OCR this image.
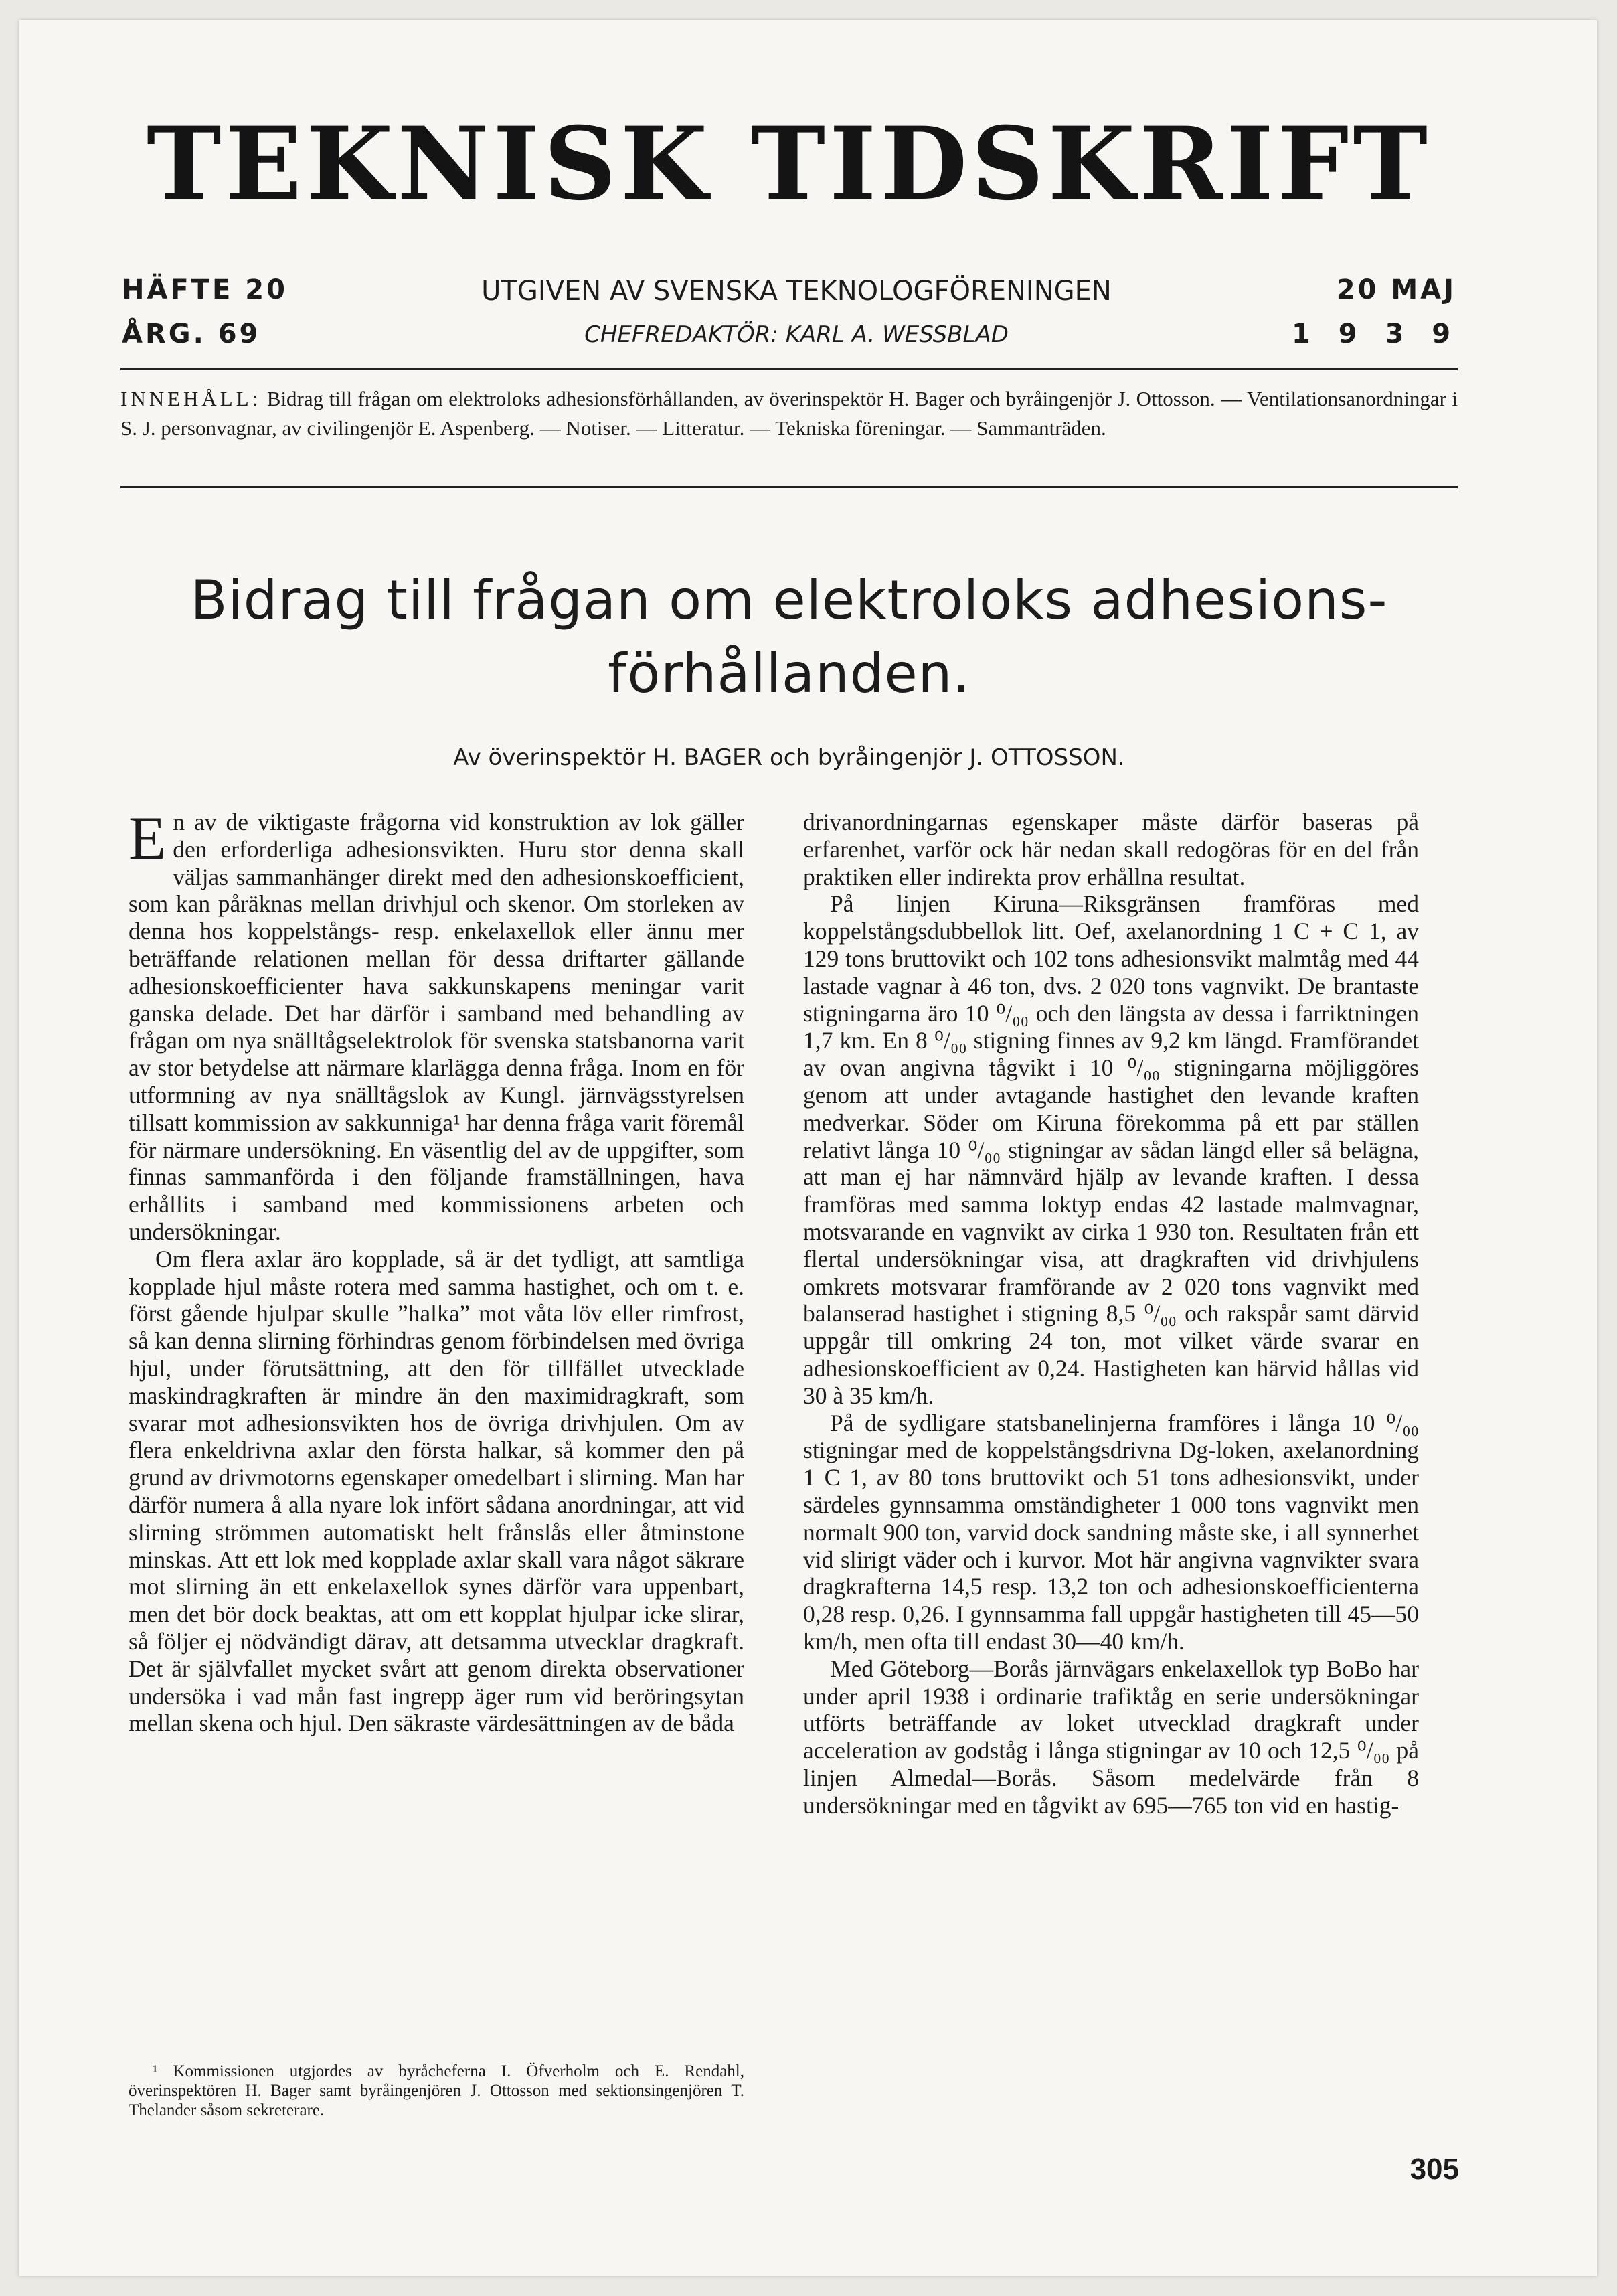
TEKNISK TIDSKRIFT
HÄFTE 20
ÅRG. 69
UTGIVEN AV SVENSKA TEKNOLOGFÖRENINGEN
CHEFREDAKTÖR: KARL A. WESSBLAD
20 MAJ
1 9 3 9

INNEHÅLL: Bidrag till frågan om elektroloks adhesionsförhållanden, av överinspektör H. Bager och byråingenjör J. Ottosson. — Ventilationsanordningar i S. J. personvagnar, av civilingenjör E. Aspenberg. — Notiser. — Litteratur. — Tekniska föreningar. — Sammanträden.

Bidrag till frågan om elektroloks adhesions-förhållanden.

Av överinspektör H. BAGER och byråingenjör J. OTTOSSON.

En av de viktigaste frågorna vid konstruktion av lok gäller den erforderliga adhesionsvikten. Huru stor denna skall väljas sammanhänger direkt med den adhesionskoefficient, som kan påräknas mellan drivhjul och skenor. Om storleken av denna hos koppelstångs- resp. enkelaxellok eller ännu mer beträffande relationen mellan för dessa driftarter gällande adhesionskoefficienter hava sakkunskapens meningar varit ganska delade. Det har därför i samband med behandling av frågan om nya snälltågselektrolok för svenska statsbanorna varit av stor betydelse att närmare klarlägga denna fråga. Inom en för utformning av nya snälltågslok av Kungl. järnvägsstyrelsen tillsatt kommission av sakkunniga¹ har denna fråga varit föremål för närmare undersökning. En väsentlig del av de uppgifter, som finnas sammanförda i den följande framställningen, hava erhållits i samband med kommissionens arbeten och undersökningar.

Om flera axlar äro kopplade, så är det tydligt, att samtliga kopplade hjul måste rotera med samma hastighet, och om t. e. först gående hjulpar skulle ”halka” mot våta löv eller rimfrost, så kan denna slirning förhindras genom förbindelsen med övriga hjul, under förutsättning, att den för tillfället utvecklade maskindragkraften är mindre än den maximidragkraft, som svarar mot adhesionsvikten hos de övriga drivhjulen. Om av flera enkeldrivna axlar den första halkar, så kommer den på grund av drivmotorns egenskaper omedelbart i slirning. Man har därför numera å alla nyare lok infört sådana anordningar, att vid slirning strömmen automatiskt helt frånslås eller åtminstone minskas. Att ett lok med kopplade axlar skall vara något säkrare mot slirning än ett enkelaxellok synes därför vara uppenbart, men det bör dock beaktas, att om ett kopplat hjulpar icke slirar, så följer ej nödvändigt därav, att detsamma utvecklar dragkraft. Det är självfallet mycket svårt att genom direkta observationer undersöka i vad mån fast ingrepp äger rum vid beröringsytan mellan skena och hjul. Den säkraste värdesättningen av de båda

drivanordningarnas egenskaper måste därför baseras på erfarenhet, varför ock här nedan skall redogöras för en del från praktiken eller indirekta prov erhållna resultat.

På linjen Kiruna—Riksgränsen framföras med koppelstångsdubbellok litt. Oef, axelanordning 1 C + C 1, av 129 tons bruttovikt och 102 tons adhesionsvikt malmtåg med 44 lastade vagnar à 46 ton, dvs. 2 020 tons vagnvikt. De brantaste stigningarna äro 10 ⁰/₀₀ och den längsta av dessa i farriktningen 1,7 km. En 8 ⁰/₀₀ stigning finnes av 9,2 km längd. Framförandet av ovan angivna tågvikt i 10 ⁰/₀₀ stigningarna möjliggöres genom att under avtagande hastighet den levande kraften medverkar. Söder om Kiruna förekomma på ett par ställen relativt långa 10 ⁰/₀₀ stigningar av sådan längd eller så belägna, att man ej har nämnvärd hjälp av levande kraften. I dessa framföras med samma loktyp endas 42 lastade malmvagnar, motsvarande en vagnvikt av cirka 1 930 ton. Resultaten från ett flertal undersökningar visa, att dragkraften vid drivhjulens omkrets motsvarar framförande av 2 020 tons vagnvikt med balanserad hastighet i stigning 8,5 ⁰/₀₀ och rakspår samt därvid uppgår till omkring 24 ton, mot vilket värde svarar en adhesionskoefficient av 0,24. Hastigheten kan härvid hållas vid 30 à 35 km/h.

På de sydligare statsbanelinjerna framföres i långa 10 ⁰/₀₀ stigningar med de koppelstångsdrivna Dg-loken, axelanordning 1 C 1, av 80 tons bruttovikt och 51 tons adhesionsvikt, under särdeles gynnsamma omständigheter 1 000 tons vagnvikt men normalt 900 ton, varvid dock sandning måste ske, i all synnerhet vid slirigt väder och i kurvor. Mot här angivna vagnvikter svara dragkrafterna 14,5 resp. 13,2 ton och adhesionskoefficienterna 0,28 resp. 0,26. I gynnsamma fall uppgår hastigheten till 45—50 km/h, men ofta till endast 30—40 km/h.

Med Göteborg—Borås järnvägars enkelaxellok typ BoBo har under april 1938 i ordinarie trafiktåg en serie undersökningar utförts beträffande av loket utvecklad dragkraft under acceleration av godståg i långa stigningar av 10 och 12,5 ⁰/₀₀ på linjen Almedal—Borås. Såsom medelvärde från 8 undersökningar med en tågvikt av 695—765 ton vid en hastig-

¹ Kommissionen utgjordes av byråcheferna I. Öfverholm och E. Rendahl, överinspektören H. Bager samt byråingenjören J. Ottosson med sektionsingenjören T. Thelander såsom sekreterare.

305
